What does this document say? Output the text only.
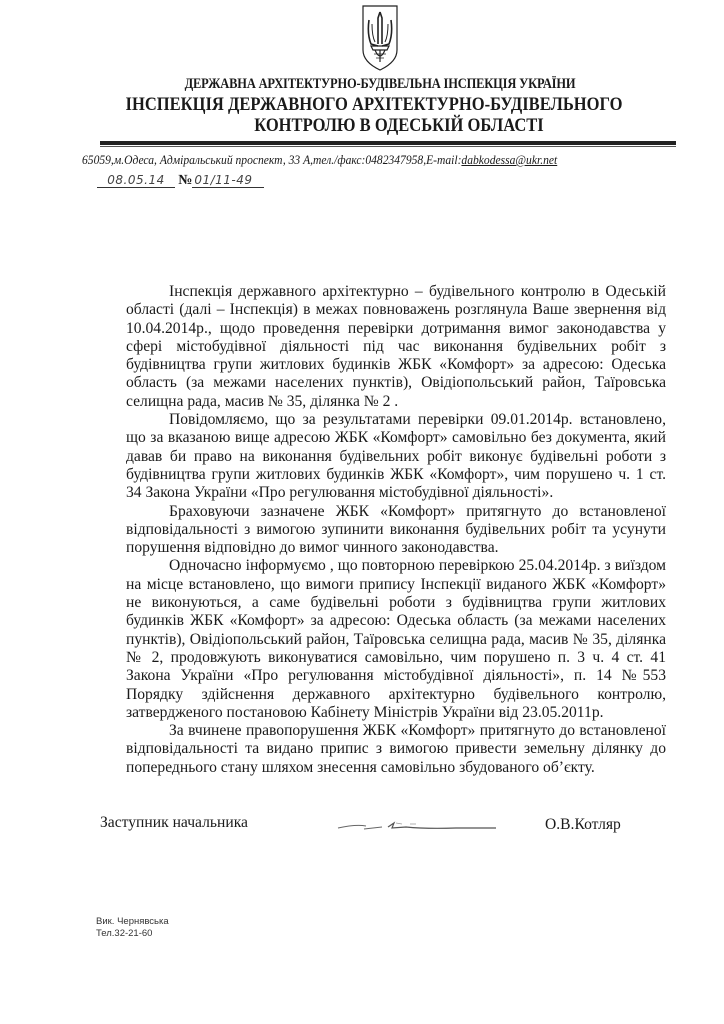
ДЕРЖАВНА АРХІТЕКТУРНО-БУДІВЕЛЬНА ІНСПЕКЦІЯ УКРАЇНИ
ІНСПЕКЦІЯ ДЕРЖАВНОГО АРХІТЕКТУРНО-БУДІВЕЛЬНОГО
КОНТРОЛЮ В ОДЕСЬКІЙ ОБЛАСТІ
65059,м.Одеса, Адміральський проспект, 33 А,тел./факс:0482347958,E-mail:dabkodessa@ukr.net
08.05.14 № 01/11-49

Інспекція державного архітектурно – будівельного контролю в Одеській області (далі – Інспекція) в межах повноважень розглянула Ваше звернення від 10.04.2014р., щодо проведення перевірки дотримання вимог законодавства у сфері містобудівної діяльності під час виконання будівельних робіт з будівництва групи житлових будинків ЖБК «Комфорт» за адресою: Одеська область (за межами населених пунктів), Овідіопольський район, Таїровська селищна рада, масив № 35, ділянка № 2 .

Повідомляємо, що за результатами перевірки 09.01.2014р. встановлено, що за вказаною вище адресою ЖБК «Комфорт» самовільно без документа, який давав би право на виконання будівельних робіт виконує будівельні роботи з будівництва групи житлових будинків ЖБК «Комфорт», чим порушено ч. 1 ст. 34 Закона України «Про регулювання містобудівної діяльності».

Браховуючи зазначене ЖБК «Комфорт» притягнуто до встановленої відповідальності з вимогою зупинити виконання будівельних робіт та усунути порушення відповідно до вимог чинного законодавства.

Одночасно інформуємо , що повторною перевіркою 25.04.2014р. з виїздом на місце встановлено, що вимоги припису Інспекції виданого ЖБК «Комфорт» не виконуються, а саме будівельні роботи з будівництва групи житлових будинків ЖБК «Комфорт» за адресою: Одеська область (за межами населених пунктів), Овідіопольський район, Таїровська селищна рада, масив № 35, ділянка № 2, продовжують виконуватися самовільно, чим порушено п. 3 ч. 4 ст. 41 Закона України «Про регулювання містобудівної діяльності», п. 14 №553 Порядку здійснення державного архітектурно будівельного контролю, затвердженого постановою Кабінету Міністрів України від 23.05.2011р.

За вчинене правопорушення ЖБК «Комфорт» притягнуто до встановленої відповідальності та видано припис з вимогою привести земельну ділянку до попереднього стану шляхом знесення самовільно збудованого об’єкту.

Заступник начальника	О.В.Котляр
Вик. Чернявська
Тел.32-21-60
